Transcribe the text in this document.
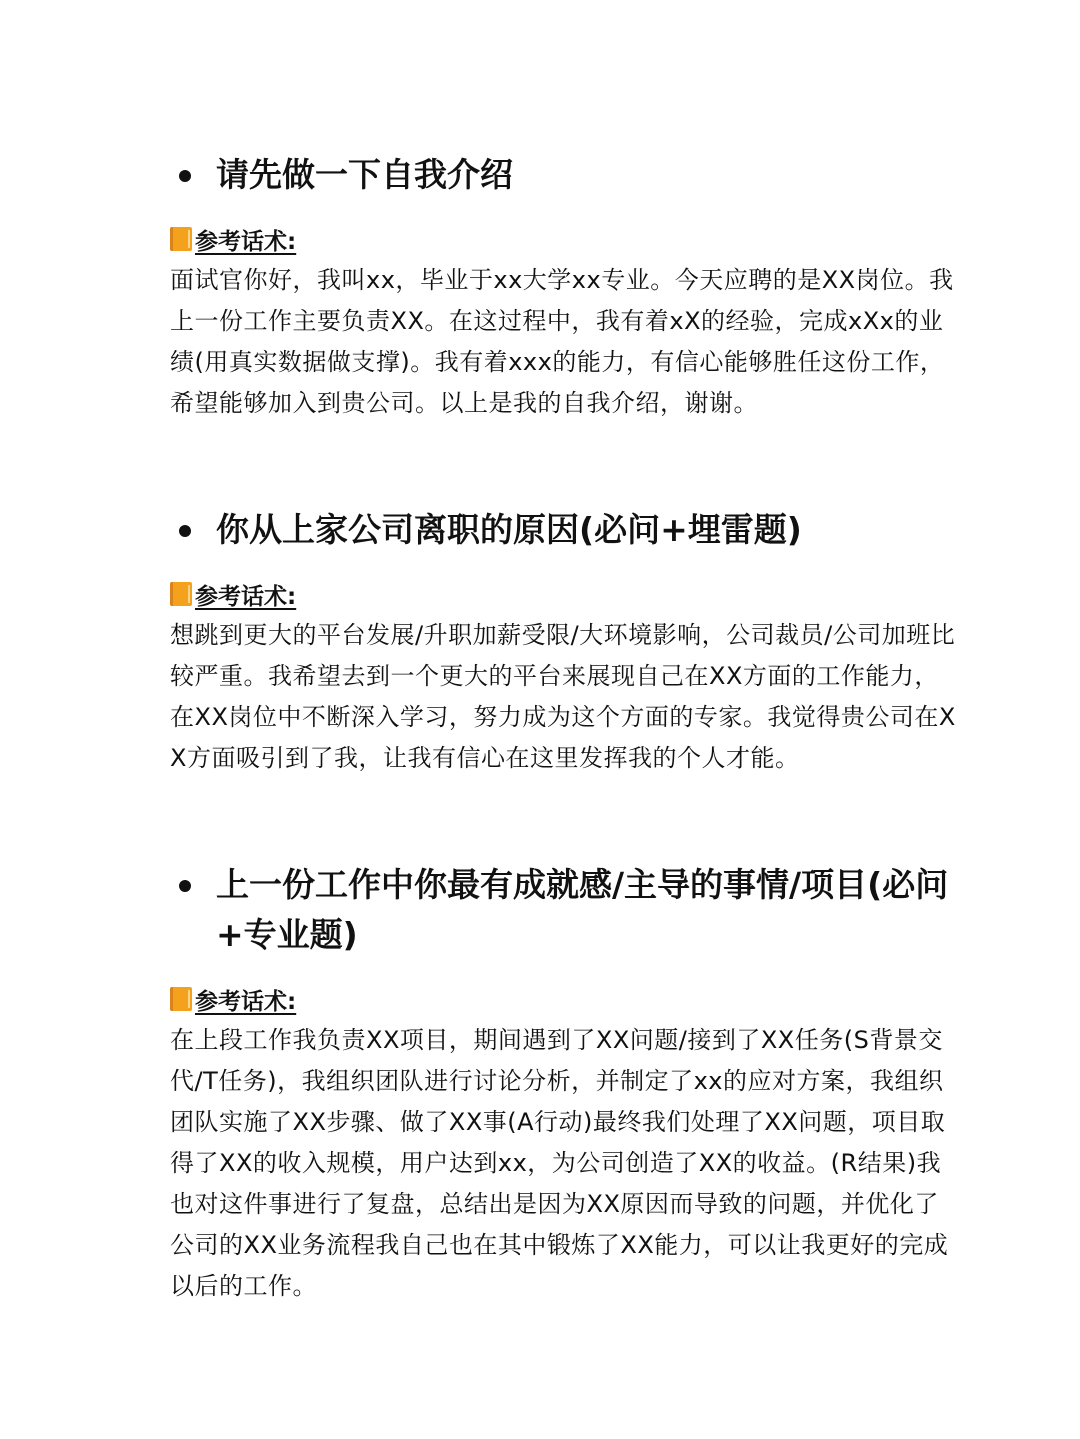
请先做一下自我介绍
参考话术:
面试官你好，我叫xx，毕业于xx大学xx专业。今天应聘的是XX岗位。我上一份工作主要负责XX。在这过程中，我有着xX的经验，完成xXx的业绩(用真实数据做支撑)。我有着xxx的能力，有信心能够胜任这份工作，希望能够加入到贵公司。以上是我的自我介绍，谢谢。
你从上家公司离职的原因(必问+埋雷题)
参考话术:
想跳到更大的平台发展/升职加薪受限/大环境影响，公司裁员/公司加班比较严重。我希望去到一个更大的平台来展现自己在XX方面的工作能力，在XX岗位中不断深入学习，努力成为这个方面的专家。我觉得贵公司在XX方面吸引到了我，让我有信心在这里发挥我的个人才能。
上一份工作中你最有成就感/主导的事情/项目(必问+专业题)
参考话术:
在上段工作我负责XX项目，期间遇到了XX问题/接到了XX任务(S背景交代/T任务)，我组织团队进行讨论分析，并制定了xx的应对方案，我组织团队实施了XX步骤、做了XX事(A行动)最终我们处理了XX问题，项目取得了XX的收入规模，用户达到xx，为公司创造了XX的收益。(R结果)我也对这件事进行了复盘，总结出是因为XX原因而导致的问题，并优化了公司的XX业务流程我自己也在其中锻炼了XX能力，可以让我更好的完成以后的工作。
